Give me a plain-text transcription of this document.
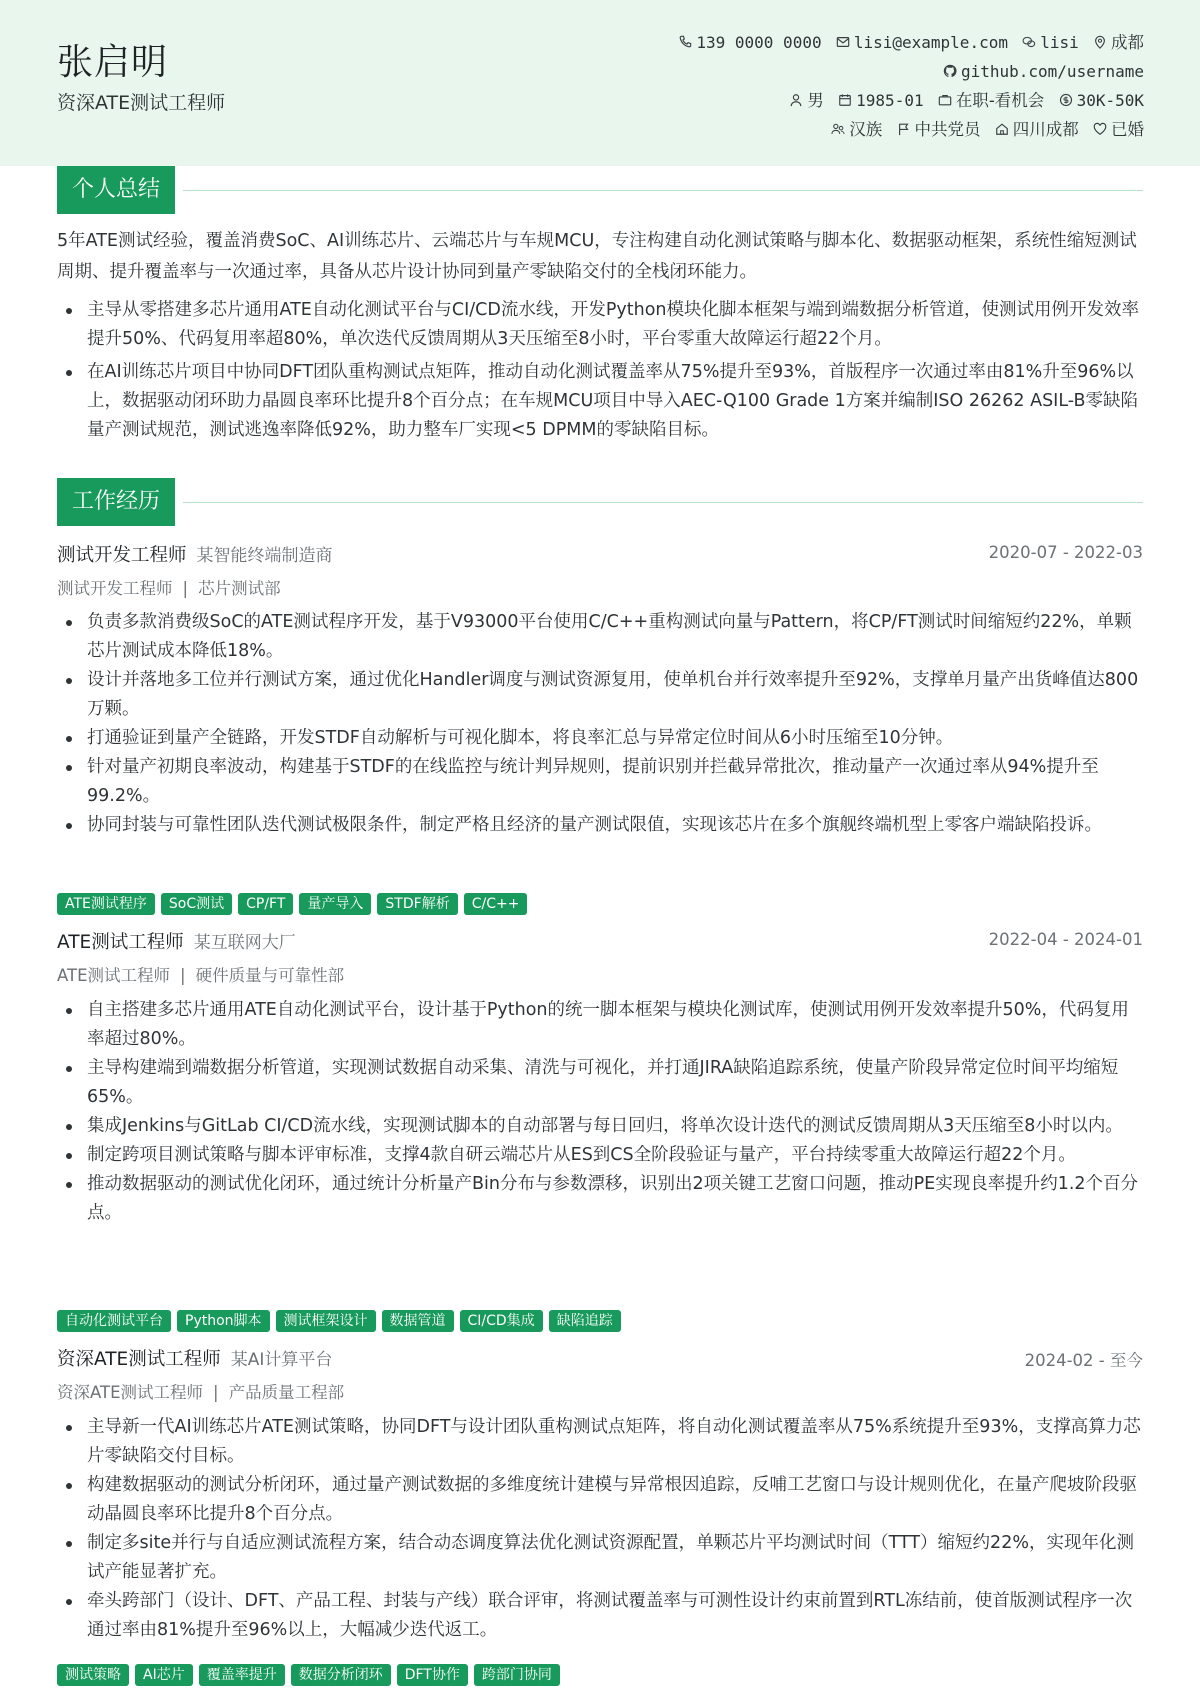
张启明
资深ATE测试工程师
139 0000 0000 lisi@example.com lisi 成都
github.com/username
男 1985-01 在职-看机会 30K-50K
汉族 中共党员 四川成都 已婚
个人总结
5年ATE测试经验，覆盖消费SoC、AI训练芯片、云端芯片与车规MCU，专注构建自动化测试策略与脚本化、数据驱动框架，系统性缩短测试周期、提升覆盖率与一次通过率，具备从芯片设计协同到量产零缺陷交付的全栈闭环能力。
主导从零搭建多芯片通用ATE自动化测试平台与CI/CD流水线，开发Python模块化脚本框架与端到端数据分析管道，使测试用例开发效率提升50%、代码复用率超80%，单次迭代反馈周期从3天压缩至8小时，平台零重大故障运行超22个月。
在AI训练芯片项目中协同DFT团队重构测试点矩阵，推动自动化测试覆盖率从75%提升至93%，首版程序一次通过率由81%升至96%以上，数据驱动闭环助力晶圆良率环比提升8个百分点；在车规MCU项目中导入AEC-Q100 Grade 1方案并编制ISO 26262 ASIL-B零缺陷量产测试规范，测试逃逸率降低92%，助力整车厂实现<5 DPMM的零缺陷目标。
工作经历
测试开发工程师 某智能终端制造商	2020-07 - 2022-03
测试开发工程师 | 芯片测试部
负责多款消费级SoC的ATE测试程序开发，基于V93000平台使用C/C++重构测试向量与Pattern，将CP/FT测试时间缩短约22%，单颗芯片测试成本降低18%。
设计并落地多工位并行测试方案，通过优化Handler调度与测试资源复用，使单机台并行效率提升至92%，支撑单月量产出货峰值达800万颗。
打通验证到量产全链路，开发STDF自动解析与可视化脚本，将良率汇总与异常定位时间从6小时压缩至10分钟。
针对量产初期良率波动，构建基于STDF的在线监控与统计判异规则，提前识别并拦截异常批次，推动量产一次通过率从94%提升至99.2%。
协同封装与可靠性团队迭代测试极限条件，制定严格且经济的量产测试限值，实现该芯片在多个旗舰终端机型上零客户端缺陷投诉。
ATE测试程序 SoC测试 CP/FT 量产导入 STDF解析 C/C++
ATE测试工程师 某互联网大厂	2022-04 - 2024-01
ATE测试工程师 | 硬件质量与可靠性部
自主搭建多芯片通用ATE自动化测试平台，设计基于Python的统一脚本框架与模块化测试库，使测试用例开发效率提升50%，代码复用率超过80%。
主导构建端到端数据分析管道，实现测试数据自动采集、清洗与可视化，并打通JIRA缺陷追踪系统，使量产阶段异常定位时间平均缩短65%。
集成Jenkins与GitLab CI/CD流水线，实现测试脚本的自动部署与每日回归，将单次设计迭代的测试反馈周期从3天压缩至8小时以内。
制定跨项目测试策略与脚本评审标准，支撑4款自研云端芯片从ES到CS全阶段验证与量产，平台持续零重大故障运行超22个月。
推动数据驱动的测试优化闭环，通过统计分析量产Bin分布与参数漂移，识别出2项关键工艺窗口问题，推动PE实现良率提升约1.2个百分点。
自动化测试平台 Python脚本 测试框架设计 数据管道 CI/CD集成 缺陷追踪
资深ATE测试工程师 某AI计算平台	2024-02 - 至今
资深ATE测试工程师 | 产品质量工程部
主导新一代AI训练芯片ATE测试策略，协同DFT与设计团队重构测试点矩阵，将自动化测试覆盖率从75%系统提升至93%，支撑高算力芯片零缺陷交付目标。
构建数据驱动的测试分析闭环，通过量产测试数据的多维度统计建模与异常根因追踪，反哺工艺窗口与设计规则优化，在量产爬坡阶段驱动晶圆良率环比提升8个百分点。
制定多site并行与自适应测试流程方案，结合动态调度算法优化测试资源配置，单颗芯片平均测试时间（TTT）缩短约22%，实现年化测试产能显著扩充。
牵头跨部门（设计、DFT、产品工程、封装与产线）联合评审，将测试覆盖率与可测性设计约束前置到RTL冻结前，使首版测试程序一次通过率由81%提升至96%以上，大幅减少迭代返工。
测试策略 AI芯片 覆盖率提升 数据分析闭环 DFT协作 跨部门协同
